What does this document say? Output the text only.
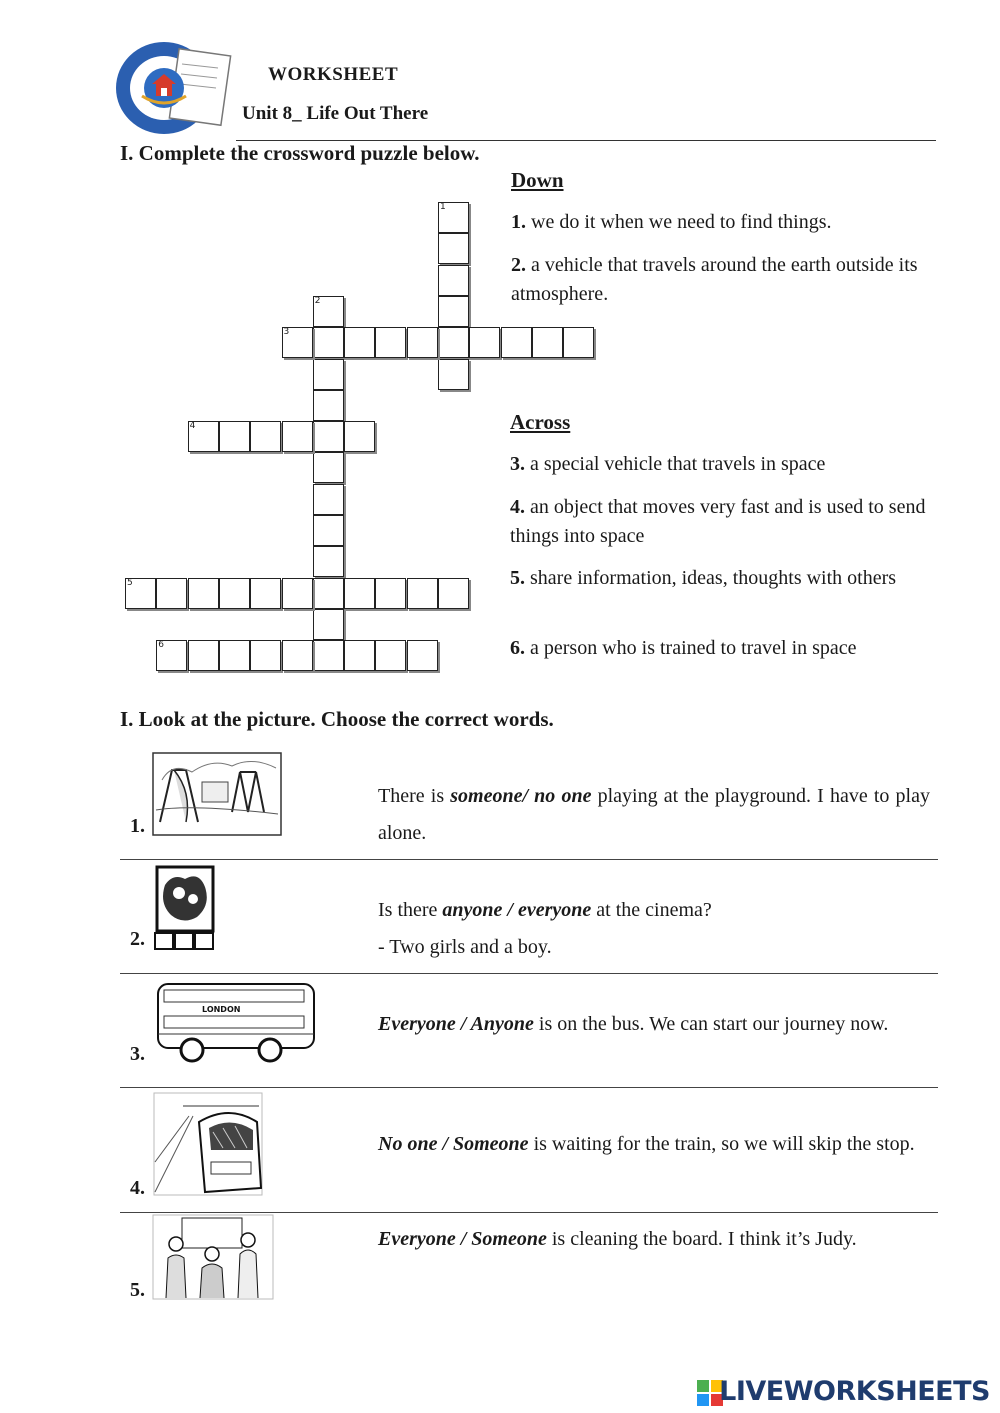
WORKSHEET
Unit 8_ Life Out There
I. Complete the crossword puzzle below.
1
2
3
4
5
6
Down
1. we do it when we need to find things.
2. a vehicle that travels around the earth outside its atmosphere.
Across
3. a special vehicle that travels in space
4. an object that moves very fast and is used to send things into space
5. share information, ideas, thoughts with others
6. a person who is trained to travel in space
I. Look at the picture. Choose the correct words.
1.
There is someone/ no one playing at the playground. I have to play alone.
2.
Is there anyone / everyone at the cinema?
- Two girls and a boy.
LONDON
3.
Everyone / Anyone is on the bus. We can start our journey now.
4.
No one / Someone is waiting for the train, so we will skip the stop.
5.
Everyone / Someone is cleaning the board. I think it’s Judy.
LIVEWORKSHEETS
